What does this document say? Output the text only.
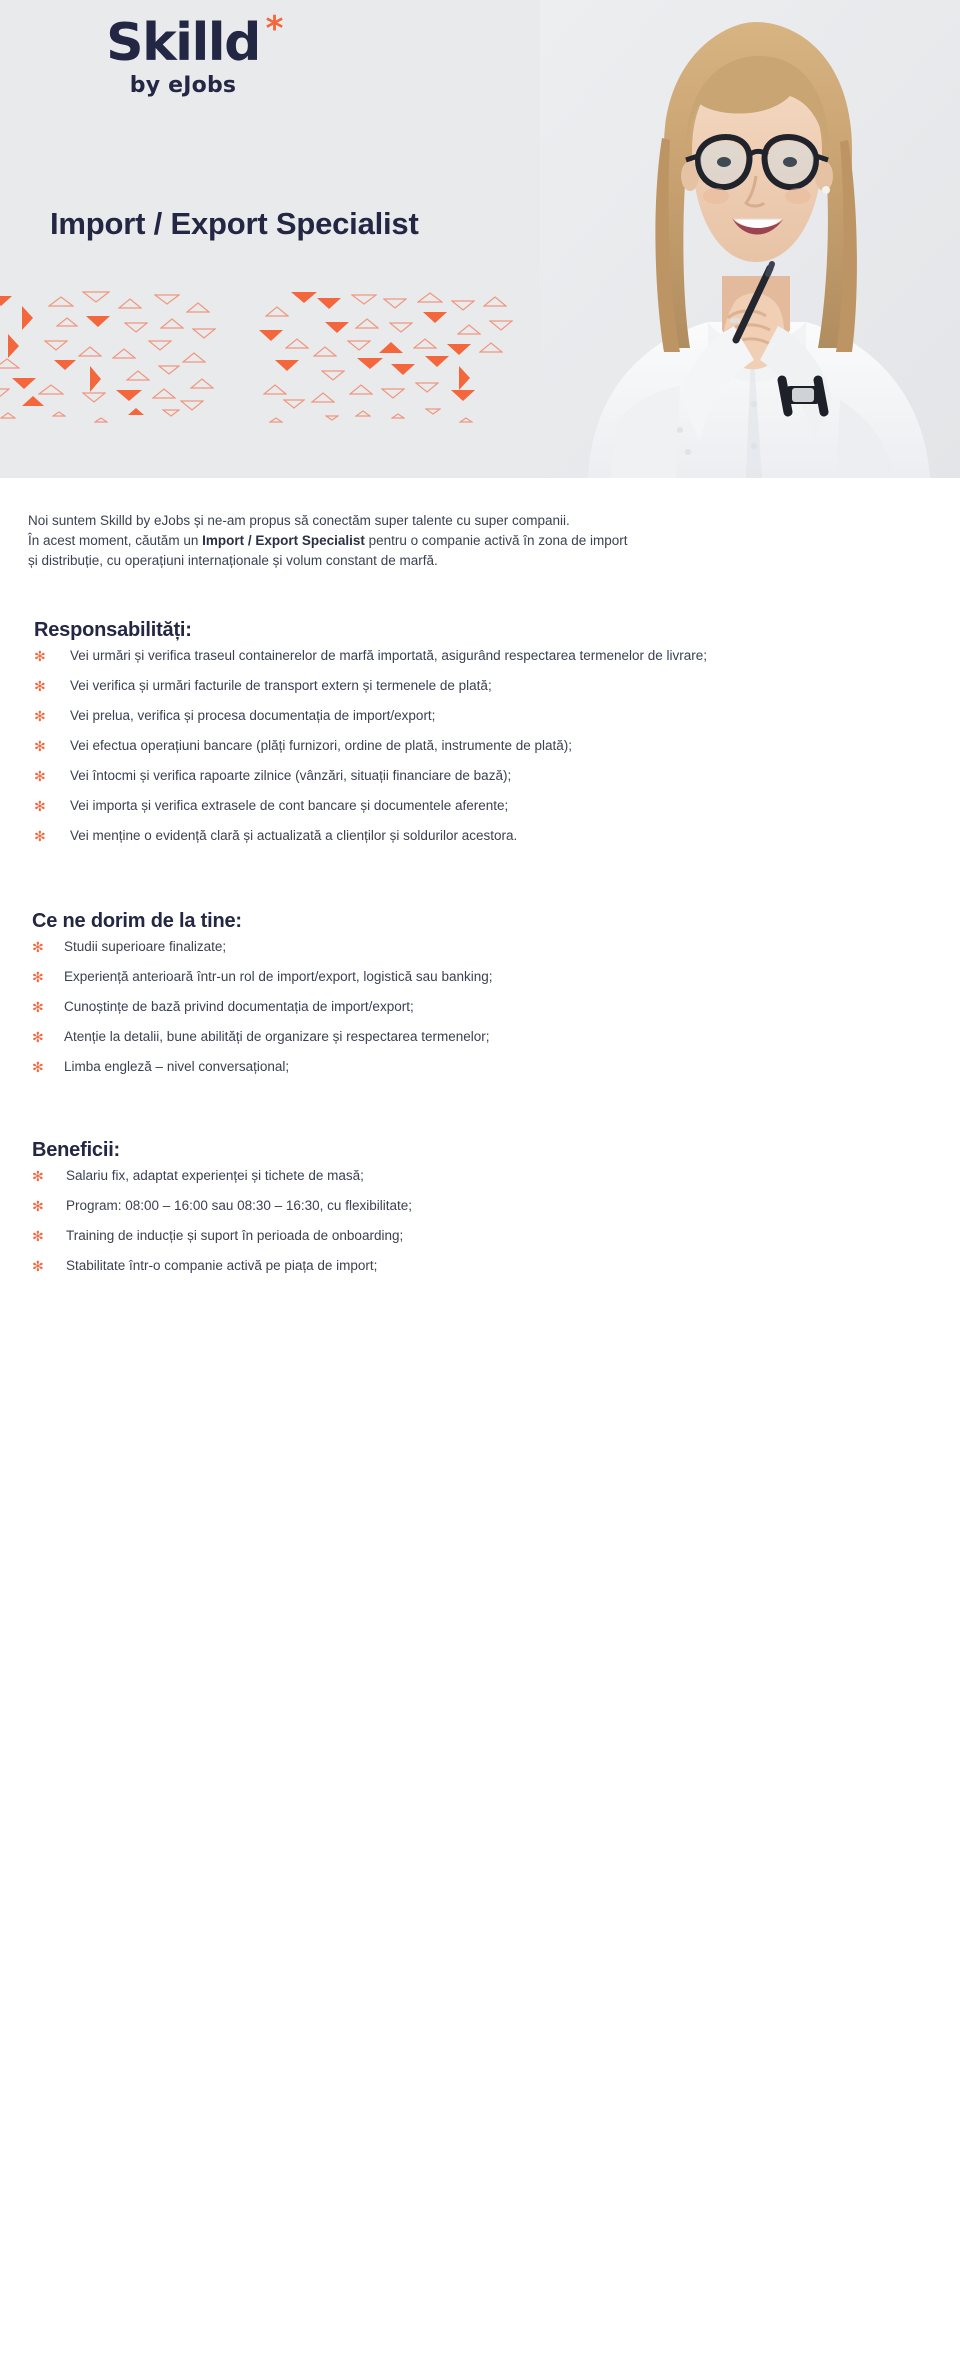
Skilld *
by eJobs
Import / Export Specialist

Noi suntem Skilld by eJobs și ne-am propus să conectăm super talente cu super companii.

În acest moment, căutăm un Import / Export Specialist pentru o companie activă în zona de import și distribuție, cu operațiuni internaționale și volum constant de marfă.

Responsabilități:
✻ Vei urmări și verifica traseul containerelor de marfă importată, asigurând respectarea termenelor de livrare;
✻ Vei verifica și urmări facturile de transport extern și termenele de plată;
✻ Vei prelua, verifica și procesa documentația de import/export;
✻ Vei efectua operațiuni bancare (plăți furnizori, ordine de plată, instrumente de plată);
✻ Vei întocmi și verifica rapoarte zilnice (vânzări, situații financiare de bază);
✻ Vei importa și verifica extrasele de cont bancare și documentele aferente;
✻ Vei menține o evidență clară și actualizată a clienților și soldurilor acestora.
Ce ne dorim de la tine:
✻ Studii superioare finalizate;
✻ Experiență anterioară într-un rol de import/export, logistică sau banking;
✻ Cunoștințe de bază privind documentația de import/export;
✻ Atenție la detalii, bune abilități de organizare și respectarea termenelor;
✻ Limba engleză – nivel conversațional;
Beneficii:
✻ Salariu fix, adaptat experienței și tichete de masă;
✻ Program: 08:00 – 16:00 sau 08:30 – 16:30, cu flexibilitate;
✻ Training de inducție și suport în perioada de onboarding;
✻ Stabilitate într-o companie activă pe piața de import;
